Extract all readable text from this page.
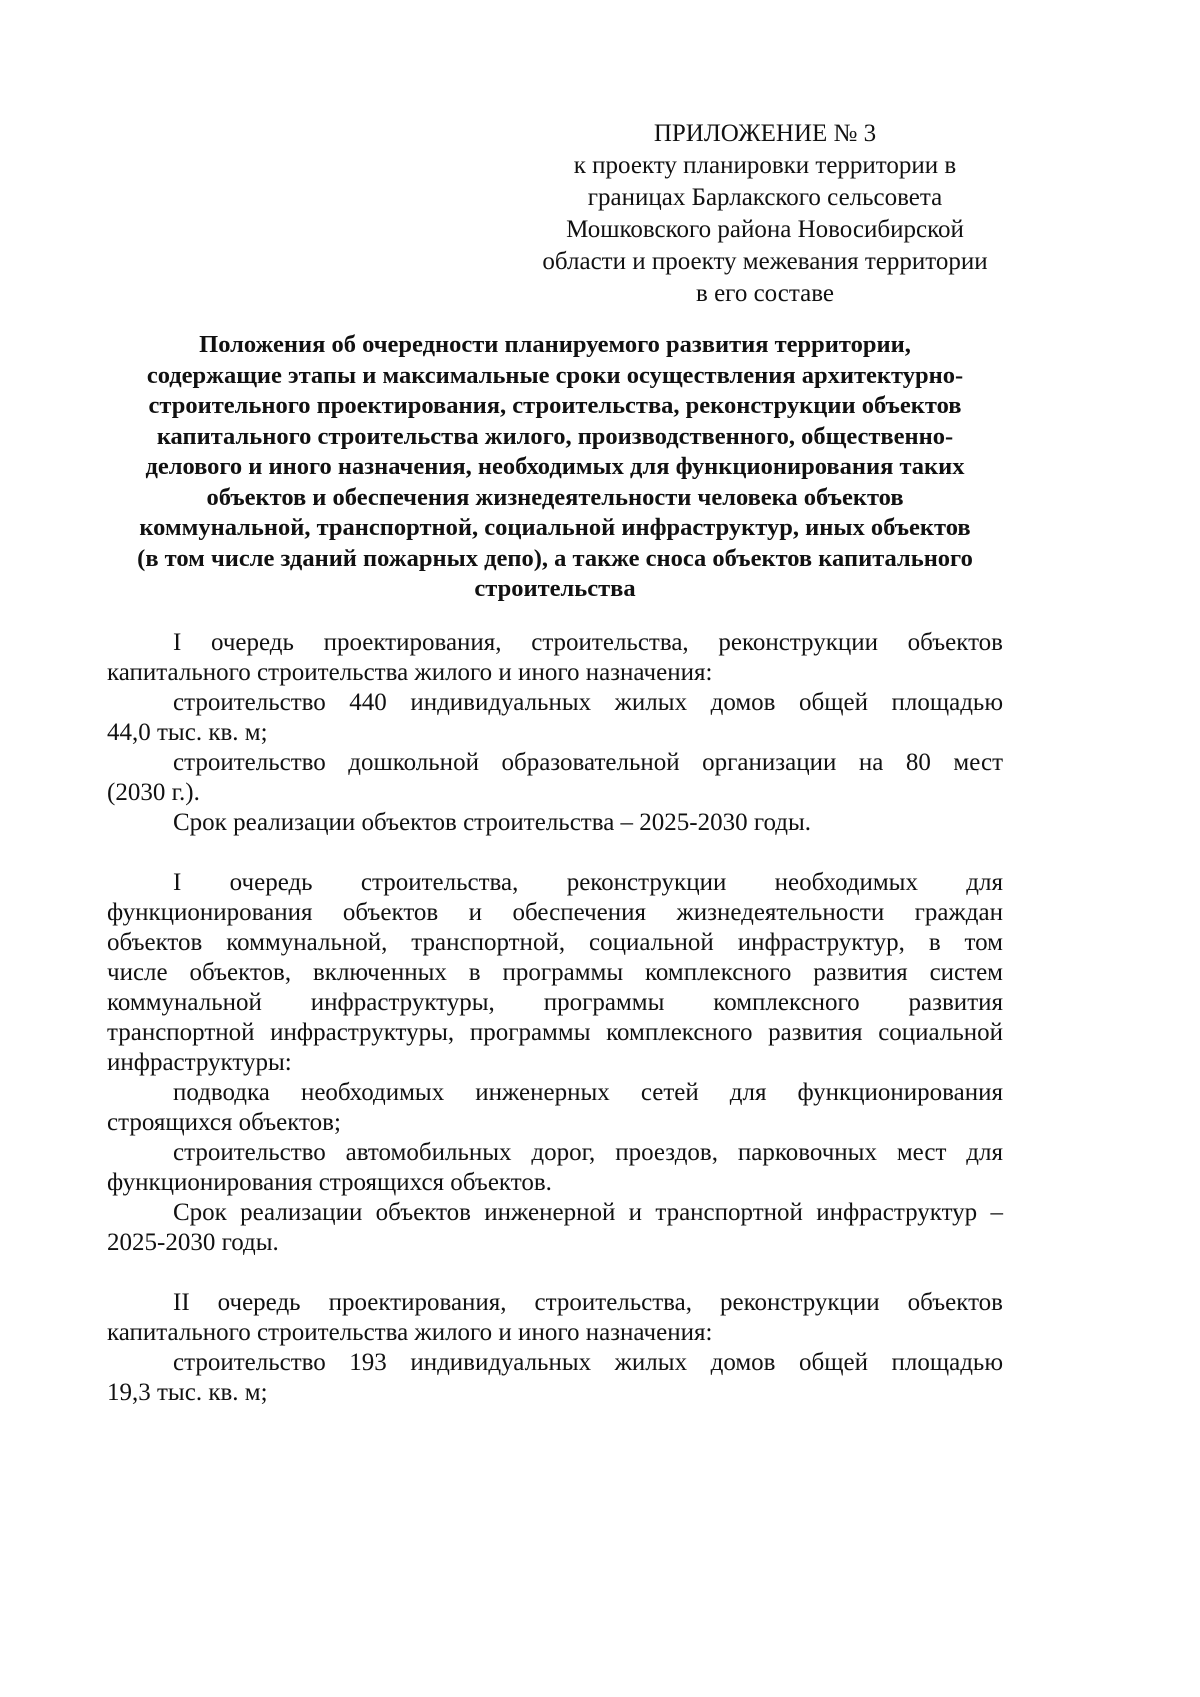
ПРИЛОЖЕНИЕ № 3
к проекту планировки территории в
границах Барлакского сельсовета
Мошковского района Новосибирской
области и проекту межевания территории
в его составе
Положения об очередности планируемого развития территории,
содержащие этапы и максимальные сроки осуществления архитектурно-
строительного проектирования, строительства, реконструкции объектов
капитального строительства жилого, производственного, общественно-
делового и иного назначения, необходимых для функционирования таких
объектов и обеспечения жизнедеятельности человека объектов
коммунальной, транспортной, социальной инфраструктур, иных объектов
(в том числе зданий пожарных депо), а также сноса объектов капитального
строительства
I очередь проектирования, строительства, реконструкции объектов
капитального строительства жилого и иного назначения:
строительство 440 индивидуальных жилых домов общей площадью
44,0 тыс. кв. м;
строительство дошкольной образовательной организации на 80 мест
(2030 г.).
Срок реализации объектов строительства – 2025-2030 годы.
I очередь строительства, реконструкции необходимых для
функционирования объектов и обеспечения жизнедеятельности граждан
объектов коммунальной, транспортной, социальной инфраструктур, в том
числе объектов, включенных в программы комплексного развития систем
коммунальной инфраструктуры, программы комплексного развития
транспортной инфраструктуры, программы комплексного развития социальной
инфраструктуры:
подводка необходимых инженерных сетей для функционирования
строящихся объектов;
строительство автомобильных дорог, проездов, парковочных мест для
функционирования строящихся объектов.
Срок реализации объектов инженерной и транспортной инфраструктур –
2025-2030 годы.
II очередь проектирования, строительства, реконструкции объектов
капитального строительства жилого и иного назначения:
строительство 193 индивидуальных жилых домов общей площадью
19,3 тыс. кв. м;
